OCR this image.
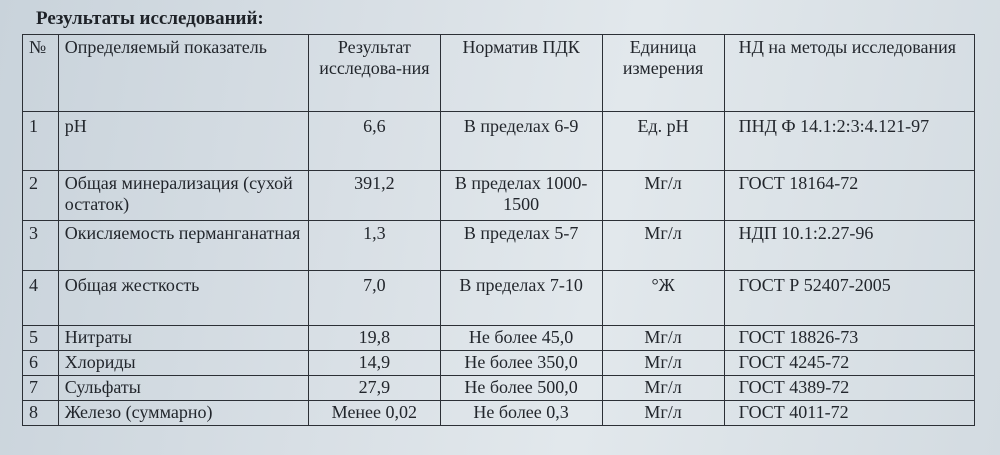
Результаты исследований:
№	Определяемый показатель	Результат исследова-ния	Норматив ПДК	Единица измерения	НД на методы исследования
1	pH	6,6	В пределах 6-9	Ед. pH	ПНД Ф 14.1:2:3:4.121-97
2	Общая минерализация (сухой остаток)	391,2	В пределах 1000-1500	Мг/л	ГОСТ 18164-72
3	Окисляемость перманганатная	1,3	В пределах 5-7	Мг/л	НДП 10.1:2.27-96
4	Общая жесткость	7,0	В пределах 7-10	°Ж	ГОСТ Р 52407-2005
5	Нитраты	19,8	Не более 45,0	Мг/л	ГОСТ 18826-73
6	Хлориды	14,9	Не более 350,0	Мг/л	ГОСТ 4245-72
7	Сульфаты	27,9	Не более 500,0	Мг/л	ГОСТ 4389-72
8	Железо (суммарно)	Менее 0,02	Не более 0,3	Мг/л	ГОСТ 4011-72
